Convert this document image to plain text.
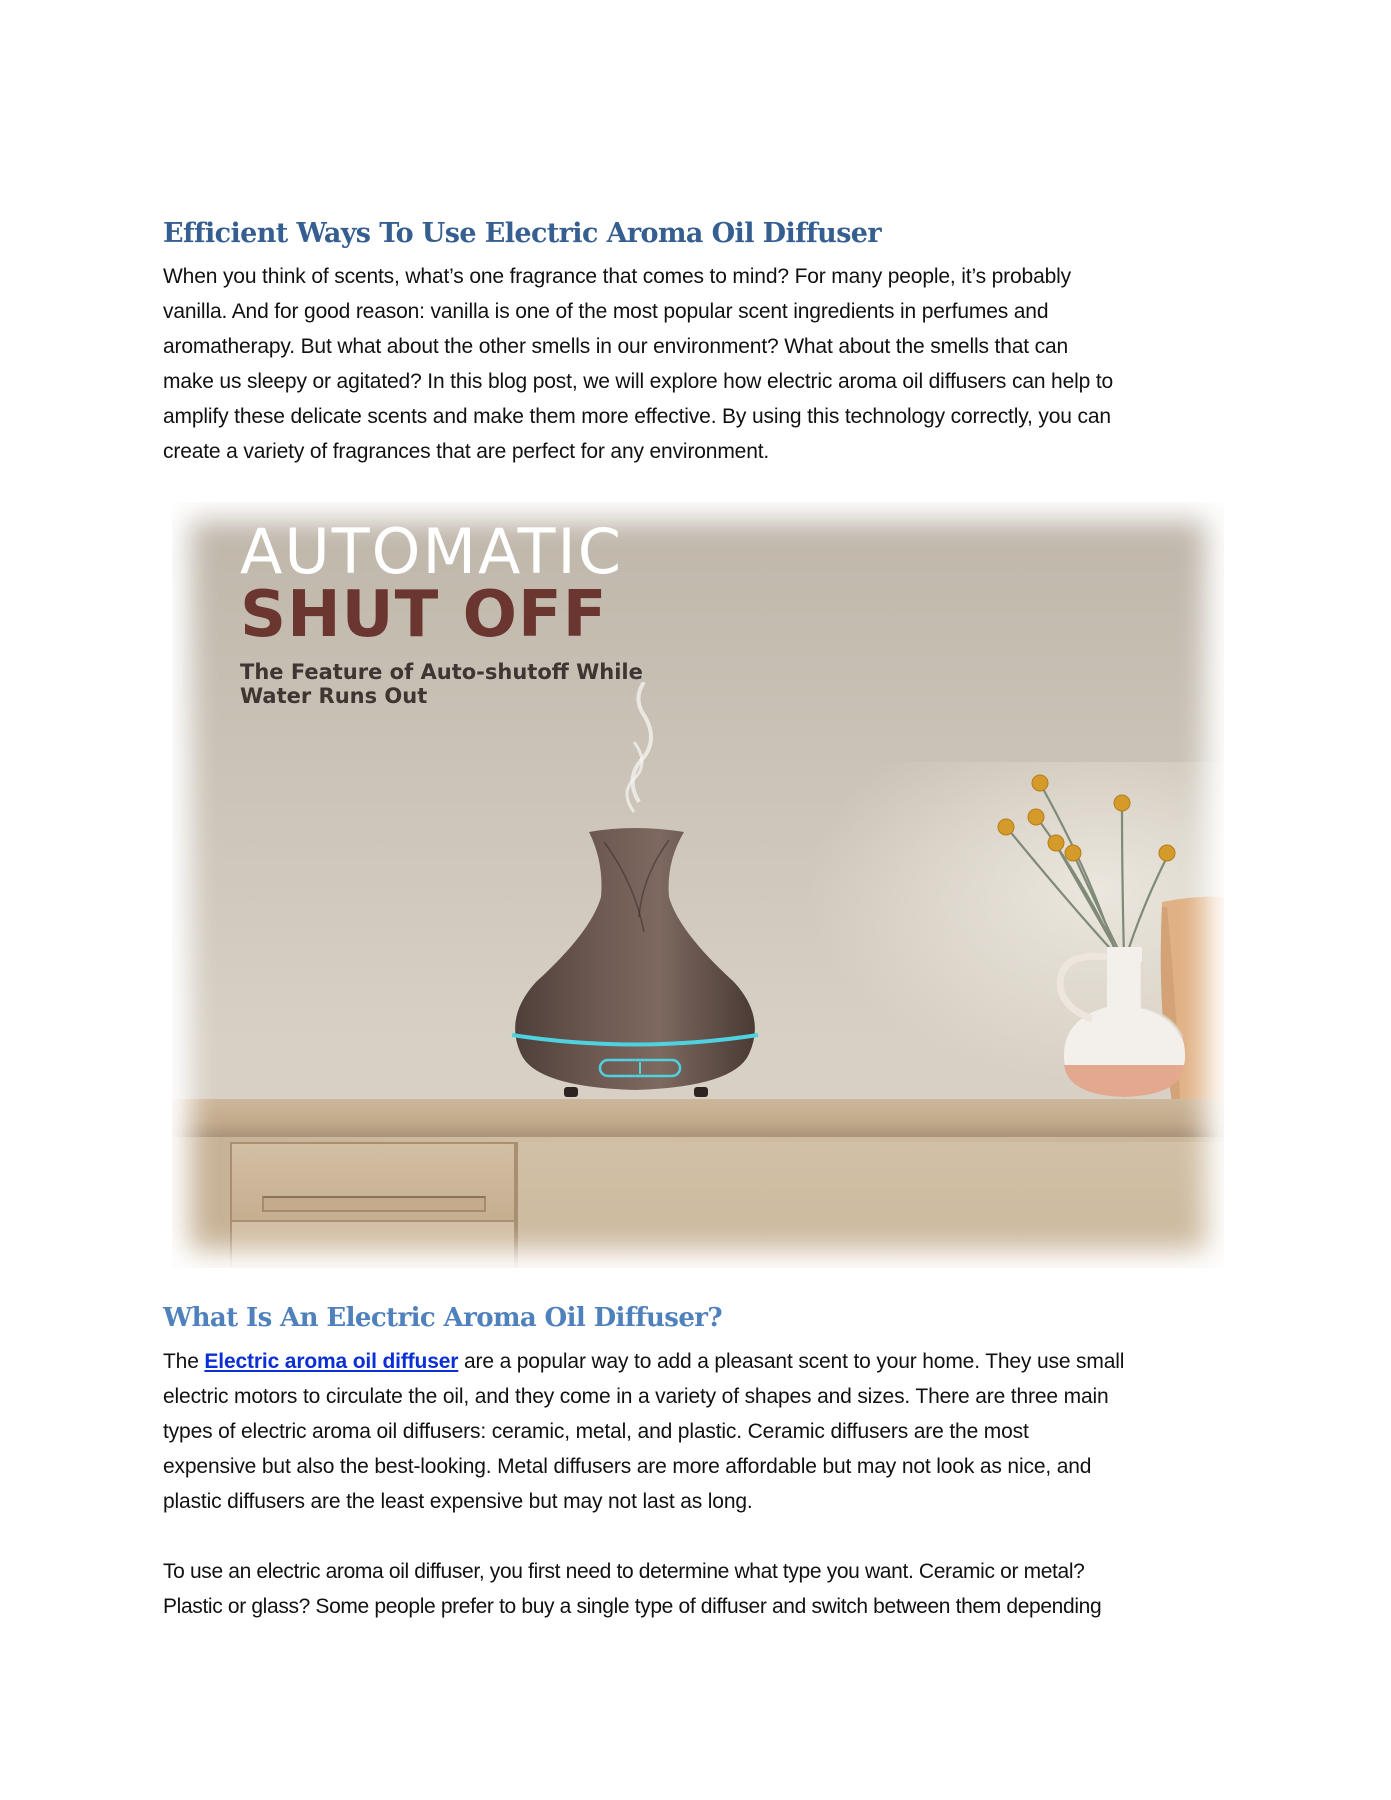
Efficient Ways To Use Electric Aroma Oil Diffuser

When you think of scents, what’s one fragrance that comes to mind? For many people, it’s probably
vanilla. And for good reason: vanilla is one of the most popular scent ingredients in perfumes and
aromatherapy. But what about the other smells in our environment? What about the smells that can
make us sleepy or agitated? In this blog post, we will explore how electric aroma oil diffusers can help to
amplify these delicate scents and make them more effective. By using this technology correctly, you can
create a variety of fragrances that are perfect for any environment.

What Is An Electric Aroma Oil Diffuser?

The Electric aroma oil diffuser are a popular way to add a pleasant scent to your home. They use small
electric motors to circulate the oil, and they come in a variety of shapes and sizes. There are three main
types of electric aroma oil diffusers: ceramic, metal, and plastic. Ceramic diffusers are the most
expensive but also the best-looking. Metal diffusers are more affordable but may not look as nice, and
plastic diffusers are the least expensive but may not last as long.

To use an electric aroma oil diffuser, you first need to determine what type you want. Ceramic or metal?
Plastic or glass? Some people prefer to buy a single type of diffuser and switch between them depending

AUTOMATIC
SHUT OFF
The Feature of Auto-shutoff While
Water Runs Out
